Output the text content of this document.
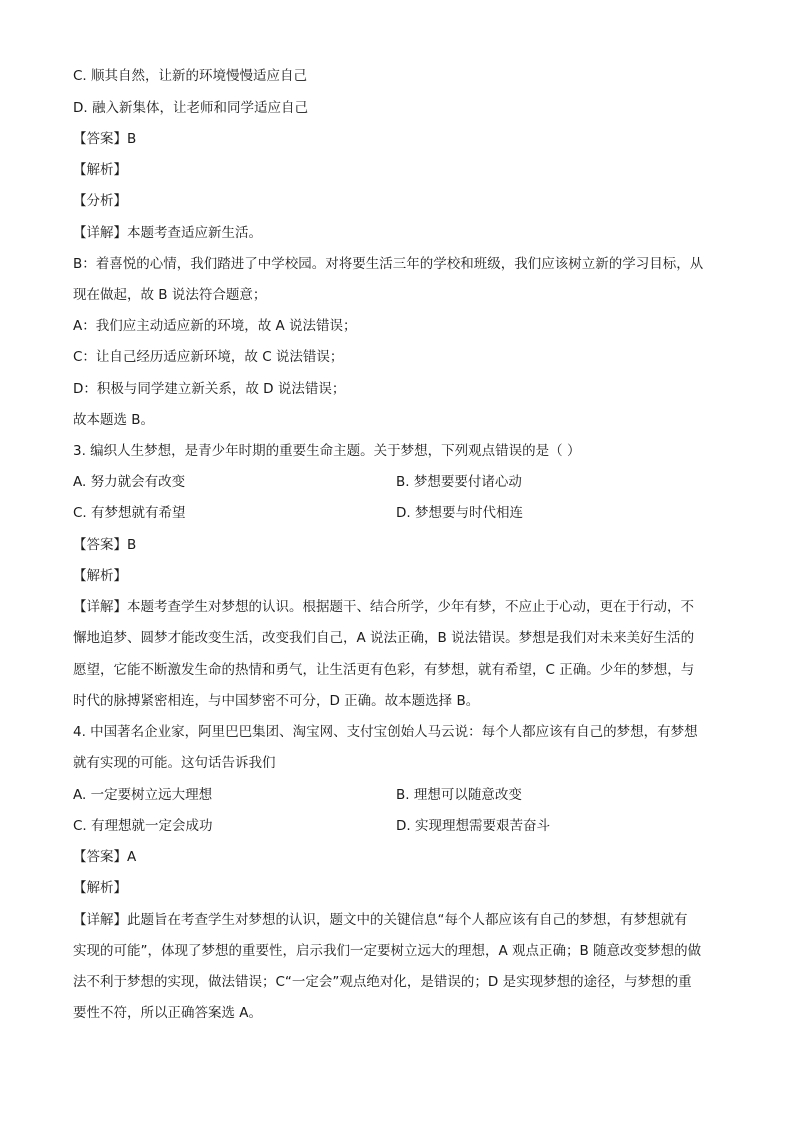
C. 顺其自然，让新的环境慢慢适应自己
D. 融入新集体，让老师和同学适应自己
【答案】B
【解析】
【分析】
【详解】本题考查适应新生活。
B：着喜悦的心情，我们踏进了中学校园。对将要生活三年的学校和班级，我们应该树立新的学习目标，从
现在做起，故 B 说法符合题意；
A：我们应主动适应新的环境，故 A 说法错误；
C：让自己经历适应新环境，故 C 说法错误；
D：积极与同学建立新关系，故 D 说法错误；
故本题选 B。
3. 编织人生梦想，是青少年时期的重要生命主题。关于梦想，下列观点错误的是（ ）
A. 努力就会有改变	B. 梦想要要付诸心动
C. 有梦想就有希望	D. 梦想要与时代相连
【答案】B
【解析】
【详解】本题考查学生对梦想的认识。根据题干、结合所学，少年有梦，不应止于心动，更在于行动，不
懈地追梦、圆梦才能改变生活，改变我们自己，A 说法正确，B 说法错误。梦想是我们对未来美好生活的
愿望，它能不断激发生命的热情和勇气，让生活更有色彩，有梦想，就有希望，C 正确。少年的梦想，与
时代的脉搏紧密相连，与中国梦密不可分，D 正确。故本题选择 B。
4. 中国著名企业家，阿里巴巴集团、淘宝网、支付宝创始人马云说：每个人都应该有自己的梦想，有梦想
就有实现的可能。这句话告诉我们
A. 一定要树立远大理想	B. 理想可以随意改变
C. 有理想就一定会成功	D. 实现理想需要艰苦奋斗
【答案】A
【解析】
【详解】此题旨在考查学生对梦想的认识，题文中的关键信息“每个人都应该有自己的梦想，有梦想就有
实现的可能”，体现了梦想的重要性，启示我们一定要树立远大的理想，A 观点正确；B 随意改变梦想的做
法不利于梦想的实现，做法错误；C“一定会”观点绝对化，是错误的；D 是实现梦想的途径，与梦想的重
要性不符，所以正确答案选 A。
